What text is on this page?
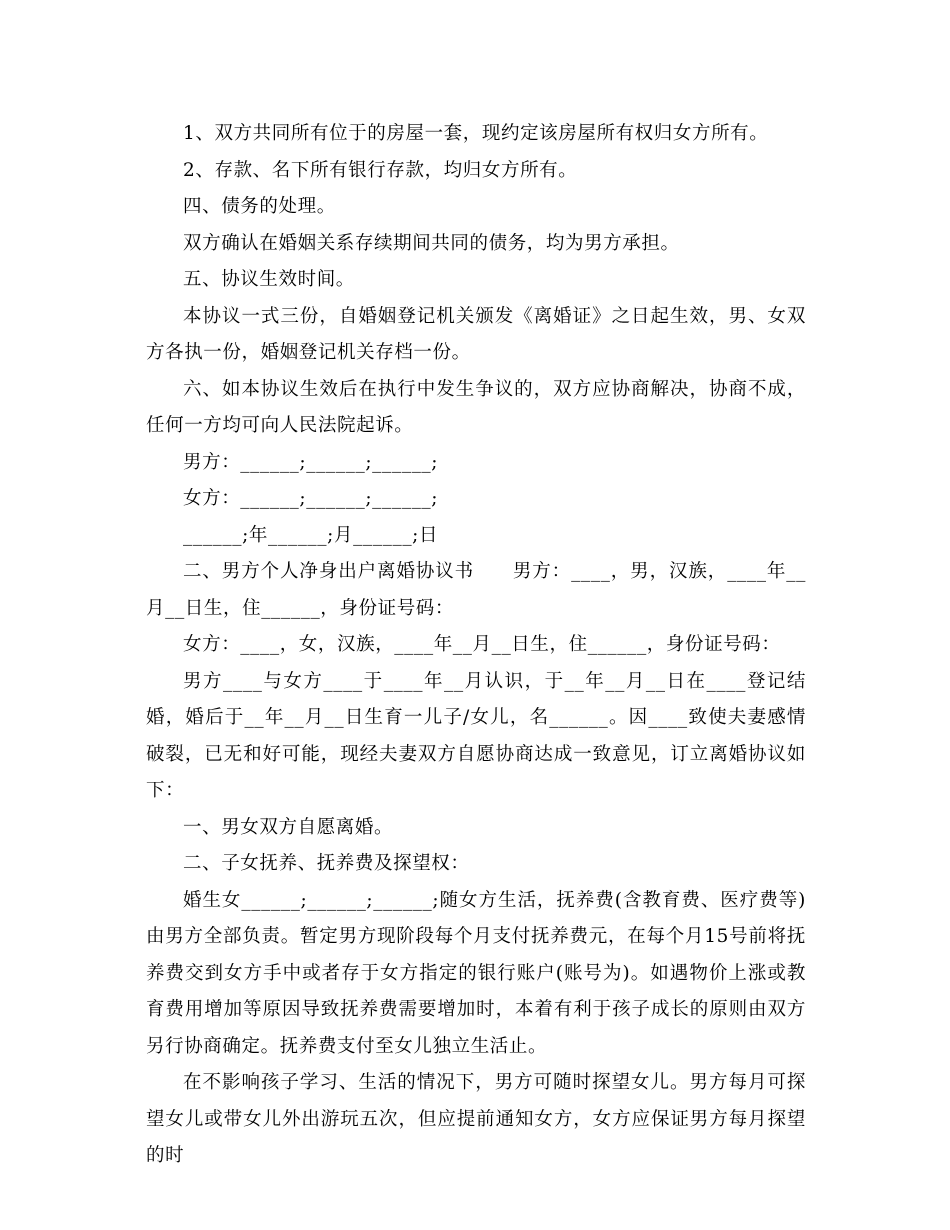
1、双方共同所有位于的房屋一套，现约定该房屋所有权归女方所有。

2、存款、名下所有银行存款，均归女方所有。

四、债务的处理。

双方确认在婚姻关系存续期间共同的债务，均为男方承担。

五、协议生效时间。

本协议一式三份，自婚姻登记机关颁发《离婚证》之日起生效，男、女双方各执一份，婚姻登记机关存档一份。

六、如本协议生效后在执行中发生争议的，双方应协商解决，协商不成，任何一方均可向人民法院起诉。

男方：______;______;______;

女方：______;______;______;

______;年______;月______;日

二、男方个人净身出户离婚协议书　　男方：____，男，汉族，____年__月__日生，住______，身份证号码：

女方：____，女，汉族，____年__月__日生，住______，身份证号码：

男方____与女方____于____年__月认识，于__年__月__日在____登记结婚，婚后于__年__月__日生育一儿子/女儿，名______。因____致使夫妻感情破裂，已无和好可能，现经夫妻双方自愿协商达成一致意见，订立离婚协议如下：

一、男女双方自愿离婚。

二、子女抚养、抚养费及探望权：

婚生女______;______;______;随女方生活，抚养费(含教育费、医疗费等)由男方全部负责。暂定男方现阶段每个月支付抚养费元，在每个月15号前将抚养费交到女方手中或者存于女方指定的银行账户(账号为)。如遇物价上涨或教育费用增加等原因导致抚养费需要增加时，本着有利于孩子成长的原则由双方另行协商确定。抚养费支付至女儿独立生活止。

在不影响孩子学习、生活的情况下，男方可随时探望女儿。男方每月可探望女儿或带女儿外出游玩五次，但应提前通知女方，女方应保证男方每月探望的时
